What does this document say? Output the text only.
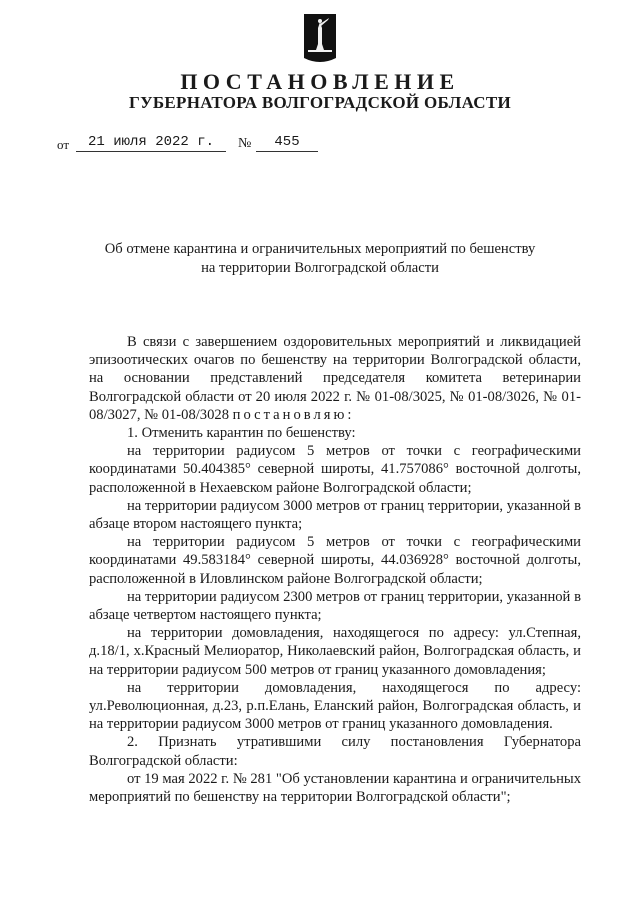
ПОСТАНОВЛЕНИЕ
ГУБЕРНАТОРА ВОЛГОГРАДСКОЙ ОБЛАСТИ
от	21 июля 2022 г.	№	455
Об отмене карантина и ограничительных мероприятий по бешенству
на территории Волгоградской области

В связи с завершением оздоровительных мероприятий и ликвидацией эпизоотических очагов по бешенству на территории Волгоградской области, на основании представлений председателя комитета ветеринарии Волгоградской области от 20 июля 2022 г. № 01-08/3025, № 01-08/3026, № 01-08/3027, № 01-08/3028 постановляю:

1. Отменить карантин по бешенству:

на территории радиусом 5 метров от точки с географическими координатами 50.404385° северной широты, 41.757086° восточной долготы, расположенной в Нехаевском районе Волгоградской области;

на территории радиусом 3000 метров от границ территории, указанной в абзаце втором настоящего пункта;

на территории радиусом 5 метров от точки с географическими координатами 49.583184° северной широты, 44.036928° восточной долготы, расположенной в Иловлинском районе Волгоградской области;

на территории радиусом 2300 метров от границ территории, указанной в абзаце четвертом настоящего пункта;

на территории домовладения, находящегося по адресу: ул.Степная, д.18/1, х.Красный Мелиоратор, Николаевский район, Волгоградская область, и на территории радиусом 500 метров от границ указанного домовладения;

на территории домовладения, находящегося по адресу: ул.Революционная, д.23, р.п.Елань, Еланский район, Волгоградская область, и на территории радиусом 3000 метров от границ указанного домовладения.

2. Признать утратившими силу постановления Губернатора Волгоградской области:

от 19 мая 2022 г. № 281 "Об установлении карантина и ограничительных мероприятий по бешенству на территории Волгоградской области";
